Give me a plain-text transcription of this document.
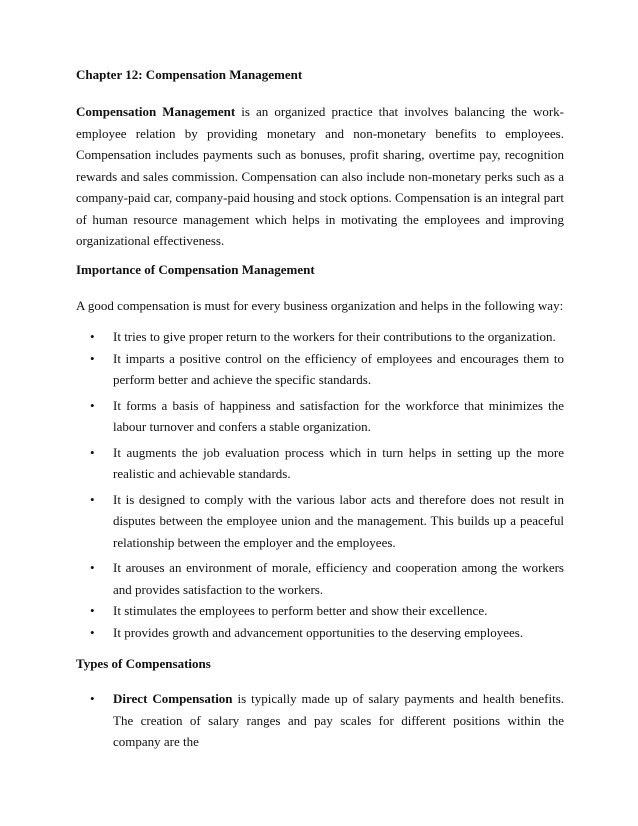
Chapter 12: Compensation Management

Compensation Management is an organized practice that involves balancing the work-employee relation by providing monetary and non-monetary benefits to employees. Compensation includes payments such as bonuses, profit sharing, overtime pay, recognition rewards and sales commission. Compensation can also include non-monetary perks such as a company-paid car, company-paid housing and stock options. Compensation is an integral part of human resource management which helps in motivating the employees and improving organizational effectiveness.

Importance of Compensation Management

A good compensation is must for every business organization and helps in the following way:

• It tries to give proper return to the workers for their contributions to the organization.
• It imparts a positive control on the efficiency of employees and encourages them to perform better and achieve the specific standards.
• It forms a basis of happiness and satisfaction for the workforce that minimizes the labour turnover and confers a stable organization.
• It augments the job evaluation process which in turn helps in setting up the more realistic and achievable standards.
• It is designed to comply with the various labor acts and therefore does not result in disputes between the employee union and the management. This builds up a peaceful relationship between the employer and the employees.
• It arouses an environment of morale, efficiency and cooperation among the workers and provides satisfaction to the workers.
• It stimulates the employees to perform better and show their excellence.
• It provides growth and advancement opportunities to the deserving employees.

Types of Compensations

• Direct Compensation is typically made up of salary payments and health benefits. The creation of salary ranges and pay scales for different positions within the company are the
